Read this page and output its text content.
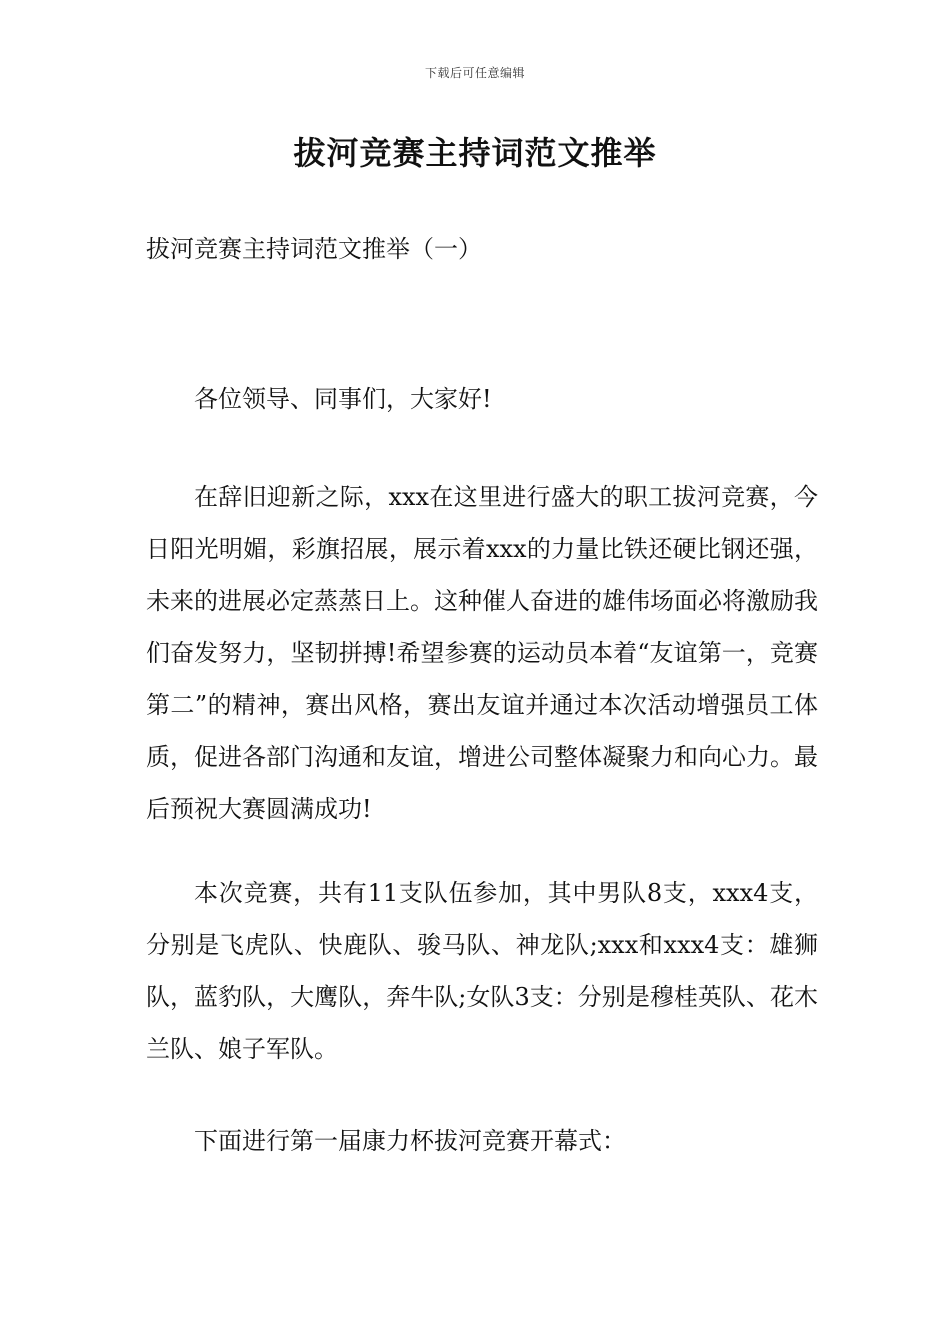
下载后可任意编辑
拔河竞赛主持词范文推举

拔河竞赛主持词范文推举（一）

各位领导、同事们，大家好!

在辞旧迎新之际，xxx在这里进行盛大的职工拔河竞赛，今日阳光明媚，彩旗招展，展示着xxx的力量比铁还硬比钢还强，未来的进展必定蒸蒸日上。这种催人奋进的雄伟场面必将激励我们奋发努力，坚韧拼搏!希望参赛的运动员本着“友谊第一，竞赛第二”的精神，赛出风格，赛出友谊并通过本次活动增强员工体质，促进各部门沟通和友谊，增进公司整体凝聚力和向心力。最后预祝大赛圆满成功!

本次竞赛，共有11支队伍参加，其中男队8支，xxx4支，分别是飞虎队、快鹿队、骏马队、神龙队;xxx和xxx4支：雄狮队，蓝豹队，大鹰队，奔牛队;女队3支：分别是穆桂英队、花木兰队、娘子军队。

下面进行第一届康力杯拔河竞赛开幕式：
